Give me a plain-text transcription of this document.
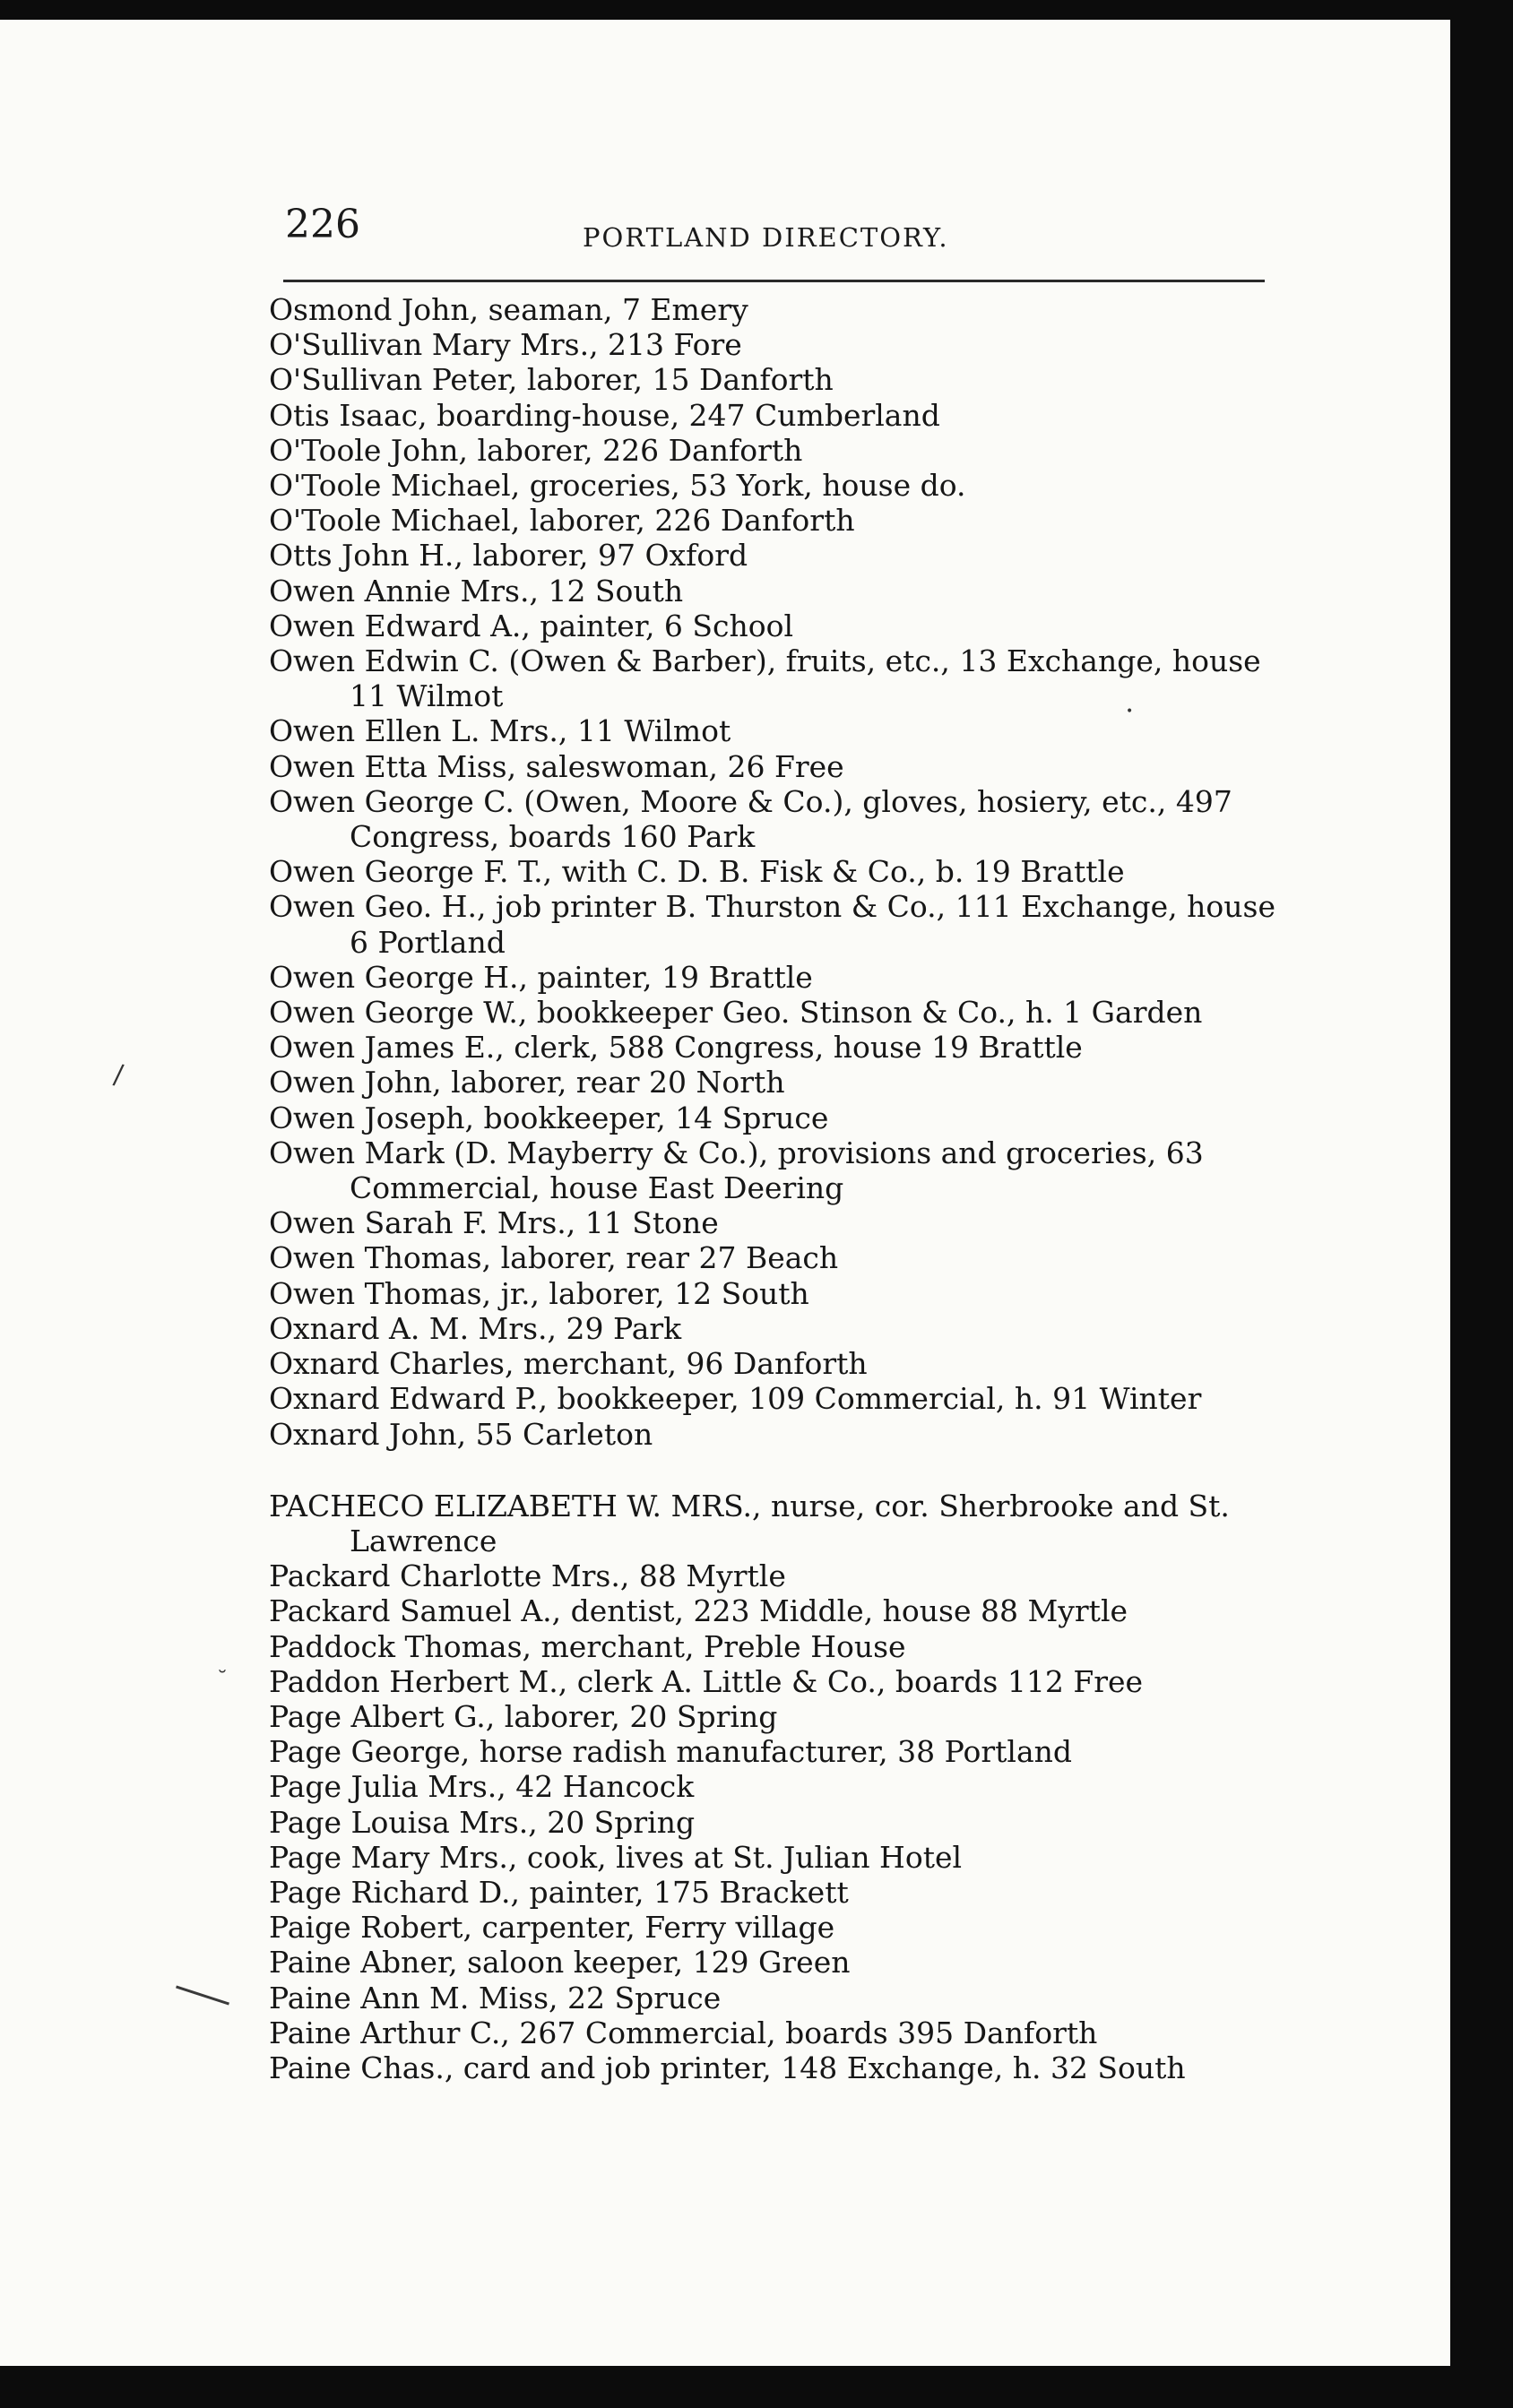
226	PORTLAND DIRECTORY.

Osmond John, seaman, 7 Emery

O'Sullivan Mary Mrs., 213 Fore

O'Sullivan Peter, laborer, 15 Danforth

Otis Isaac, boarding-house, 247 Cumberland

O'Toole John, laborer, 226 Danforth

O'Toole Michael, groceries, 53 York, house do.

O'Toole Michael, laborer, 226 Danforth

Otts John H., laborer, 97 Oxford

Owen Annie Mrs., 12 South

Owen Edward A., painter, 6 School

Owen Edwin C. (Owen & Barber), fruits, etc., 13 Exchange, house 11 Wilmot

Owen Ellen L. Mrs., 11 Wilmot

Owen Etta Miss, saleswoman, 26 Free

Owen George C. (Owen, Moore & Co.), gloves, hosiery, etc., 497 Congress, boards 160 Park

Owen George F. T., with C. D. B. Fisk & Co., b. 19 Brattle

Owen Geo. H., job printer B. Thurston & Co., 111 Exchange, house 6 Portland

Owen George H., painter, 19 Brattle

Owen George W., bookkeeper Geo. Stinson & Co., h. 1 Garden

Owen James E., clerk, 588 Congress, house 19 Brattle

Owen John, laborer, rear 20 North

Owen Joseph, bookkeeper, 14 Spruce

Owen Mark (D. Mayberry & Co.), provisions and groceries, 63 Commercial, house East Deering

Owen Sarah F. Mrs., 11 Stone

Owen Thomas, laborer, rear 27 Beach

Owen Thomas, jr., laborer, 12 South

Oxnard A. M. Mrs., 29 Park

Oxnard Charles, merchant, 96 Danforth

Oxnard Edward P., bookkeeper, 109 Commercial, h. 91 Winter

Oxnard John, 55 Carleton

PACHECO ELIZABETH W. MRS., nurse, cor. Sherbrooke and St. Lawrence

Packard Charlotte Mrs., 88 Myrtle

Packard Samuel A., dentist, 223 Middle, house 88 Myrtle

Paddock Thomas, merchant, Preble House

Paddon Herbert M., clerk A. Little & Co., boards 112 Free

Page Albert G., laborer, 20 Spring

Page George, horse radish manufacturer, 38 Portland

Page Julia Mrs., 42 Hancock

Page Louisa Mrs., 20 Spring

Page Mary Mrs., cook, lives at St. Julian Hotel

Page Richard D., painter, 175 Brackett

Paige Robert, carpenter, Ferry village

Paine Abner, saloon keeper, 129 Green

Paine Ann M. Miss, 22 Spruce

Paine Arthur C., 267 Commercial, boards 395 Danforth

Paine Chas., card and job printer, 148 Exchange, h. 32 South

/
˘
•
